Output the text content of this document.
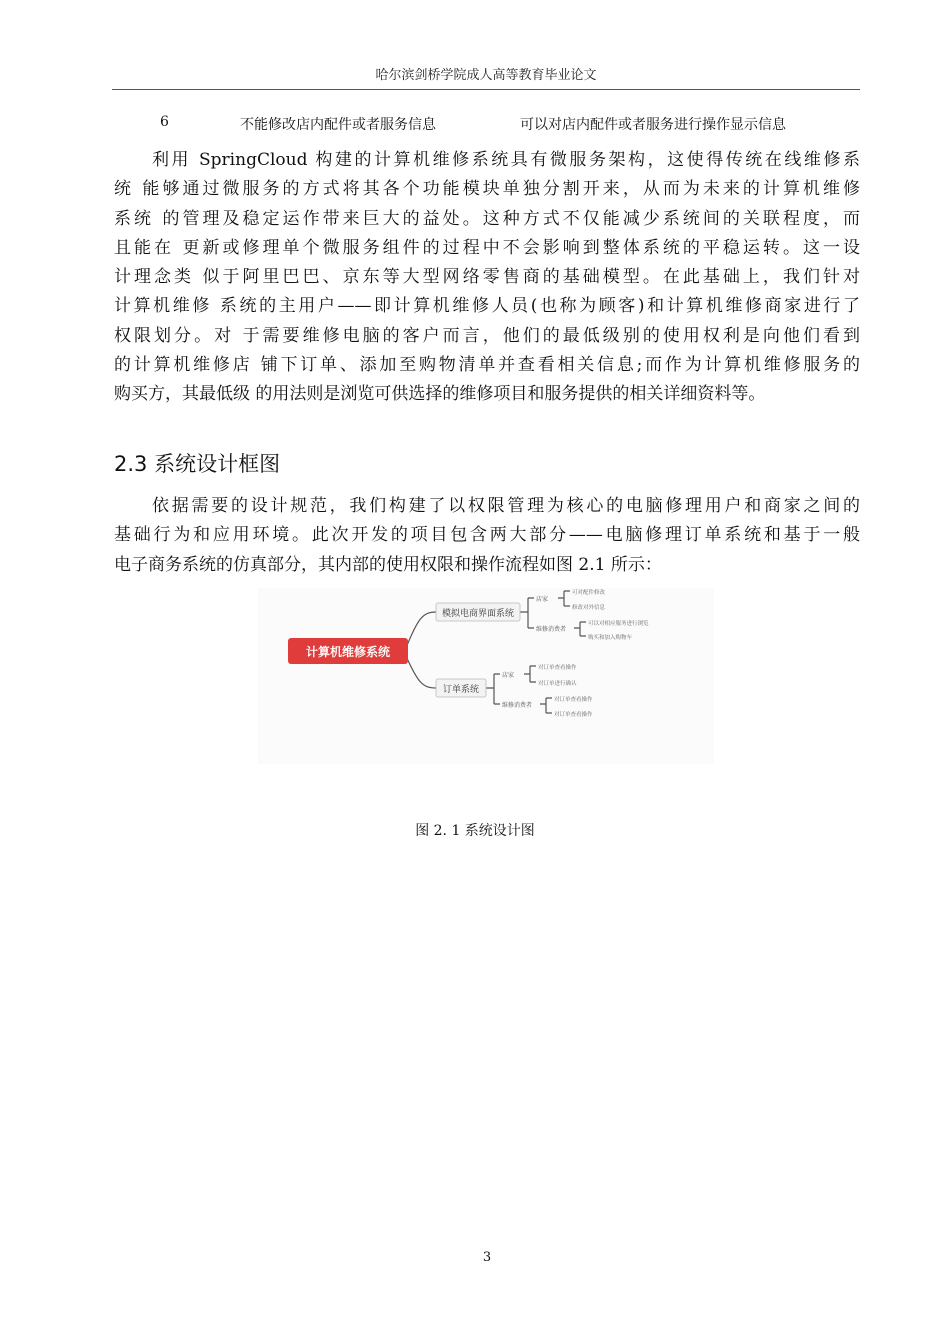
哈尔滨剑桥学院成人高等教育毕业论文
6	不能修改店内配件或者服务信息	可以对店内配件或者服务进行操作显示信息
利用 SpringCloud 构建的计算机维修系统具有微服务架构，这使得传统在线维修系
统 能够通过微服务的方式将其各个功能模块单独分割开来，从而为未来的计算机维修
系统 的管理及稳定运作带来巨大的益处。这种方式不仅能减少系统间的关联程度，而
且能在 更新或修理单个微服务组件的过程中不会影响到整体系统的平稳运转。这一设
计理念类 似于阿里巴巴、京东等大型网络零售商的基础模型。在此基础上，我们针对
计算机维修 系统的主用户——即计算机维修人员(也称为顾客)和计算机维修商家进行了
权限划分。对 于需要维修电脑的客户而言，他们的最低级别的使用权利是向他们看到
的计算机维修店 铺下订单、添加至购物清单并查看相关信息;而作为计算机维修服务的
购买方，其最低级 的用法则是浏览可供选择的维修项目和服务提供的相关详细资料等。
2.3 系统设计框图
依据需要的设计规范，我们构建了以权限管理为核心的电脑修理用户和商家之间的
基础行为和应用环境。此次开发的项目包含两大部分——电脑修理订单系统和基于一般
电子商务系统的仿真部分，其内部的使用权限和操作流程如图 2.1 所示：
计算机维修系统
模拟电商界面系统
店家
可对配件修改
修改对外信息
维修消费者
可以对相应服务进行浏览
购买和加入购物车
订单系统
店家
对订单查看操作
对订单进行确认
维修消费者
对订单查看操作
对订单查看操作
图 2. 1 系统设计图
3
